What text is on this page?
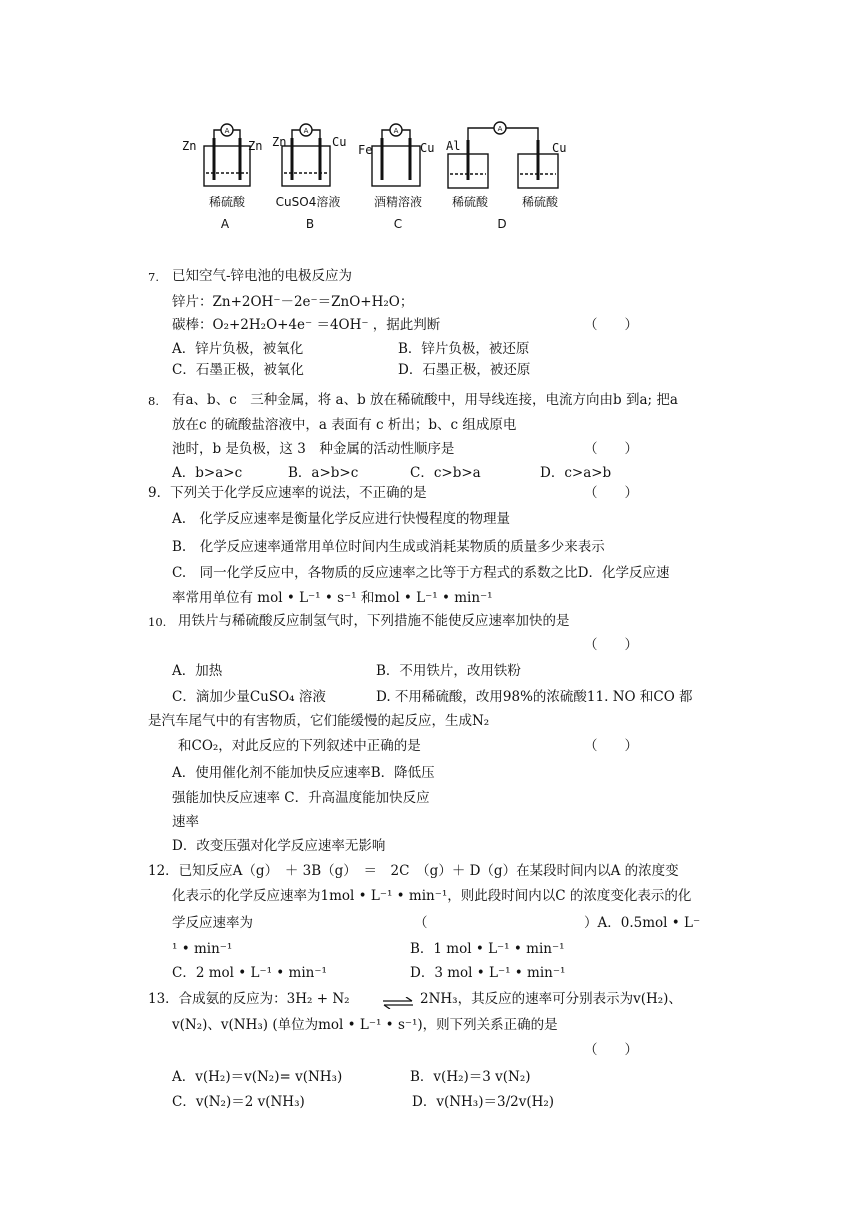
A	A	A	A
Zn	Zn Zn	Cu
Fe	Cu Al	Cu
稀硫酸	CuSO4溶液	酒精溶液 稀硫酸	稀硫酸
A	B	C	D
7. 已知空气-锌电池的电极反应为
锌片：Zn+2OH⁻－2e⁻＝ZnO+H₂O；
碳棒：O₂+2H₂O+4e⁻ ＝4OH⁻ ，据此判断	（　　）
A．锌片负极，被氧化	B．锌片负极，被还原
C．石墨正极，被氧化	D．石墨正极，被还原
8. 有a、b、c　三种金属，将 a、b 放在稀硫酸中，用导线连接，电流方向由b 到a; 把a
放在c 的硫酸盐溶液中，a 表面有 c 析出；b、c 组成原电
池时，b 是负极，这 3　种金属的活动性顺序是	（　　）
A．b>a>c	B．a>b>c	C．c>b>a	D．c>a>b
9．下列关于化学反应速率的说法，不正确的是	（　　）
A.　化学反应速率是衡量化学反应进行快慢程度的物理量
B.　化学反应速率通常用单位时间内生成或消耗某物质的质量多少来表示
C.　同一化学反应中，各物质的反应速率之比等于方程式的系数之比D．化学反应速
率常用单位有 mol • L⁻¹ • s⁻¹ 和mol • L⁻¹ • min⁻¹
10. 用铁片与稀硫酸反应制氢气时，下列措施不能使反应速率加快的是
（　　）
A．加热	B．不用铁片，改用铁粉
C．滴加少量CuSO₄ 溶液	D. 不用稀硫酸，改用98%的浓硫酸11. NO 和CO 都
是汽车尾气中的有害物质，它们能缓慢的起反应，生成N₂
和CO₂，对此反应的下列叙述中正确的是	（　　）
A．使用催化剂不能加快反应速率B．降低压
强能加快反应速率 C．升高温度能加快反应
速率
D．改变压强对化学反应速率无影响
12．已知反应A（g）　＋ 3B（g）　＝　2C　（g）＋ D（g）在某段时间内以A 的浓度变
化表示的化学反应速率为1mol • L⁻¹ • min⁻¹，则此段时间内以C 的浓度变化表示的化
学反应速率为	（	）A．0.5mol • L⁻
¹ • min⁻¹	B．1 mol • L⁻¹ • min⁻¹
C．2 mol • L⁻¹ • min⁻¹	D．3 mol • L⁻¹ • min⁻¹
13．合成氨的反应为：3H₂ + N₂ ⇌ 2NH₃，其反应的速率可分别表示为v(H₂)、
v(N₂)、v(NH₃) (单位为mol • L⁻¹ • s⁻¹)，则下列关系正确的是
（　　）
A．v(H₂)＝v(N₂)= v(NH₃)	B．v(H₂)＝3 v(N₂)
C．v(N₂)＝2 v(NH₃)	D．v(NH₃)＝3/2v(H₂)
